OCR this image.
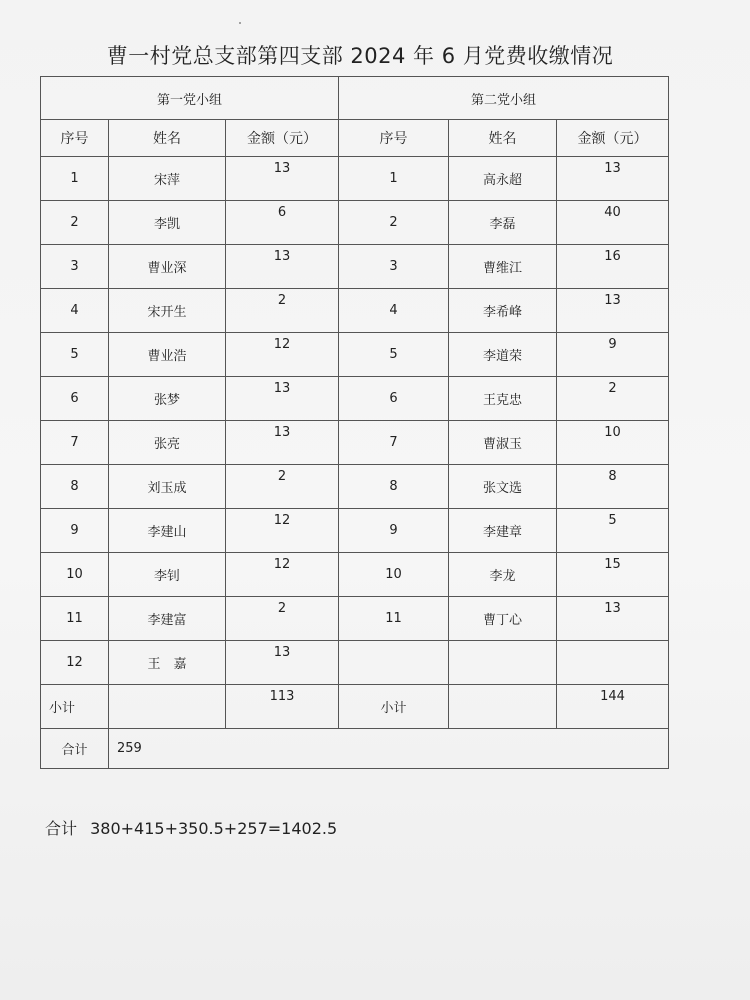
曹一村党总支部第四支部 2024 年 6 月党费收缴情况
第一党小组			第二党小组		
序号	姓名	金额（元）	序号	姓名	金额（元）
1	宋萍	13	1	高永超	13
2	李凯	6	2	李磊	40
3	曹业深	13	3	曹维江	16
4	宋开生	2	4	李希峰	13
5	曹业浩	12	5	李道荣	9
6	张梦	13	6	王克忠	2
7	张亮	13	7	曹淑玉	10
8	刘玉成	2	8	张文选	8
9	李建山	12	9	李建章	5
10	李钊	12	10	李龙	15
11	李建富	2	11	曹丁心	13
12	王　嘉	13			
小计		113	小计		144
合计	259				
合计 380+415+350.5+257=1402.5
